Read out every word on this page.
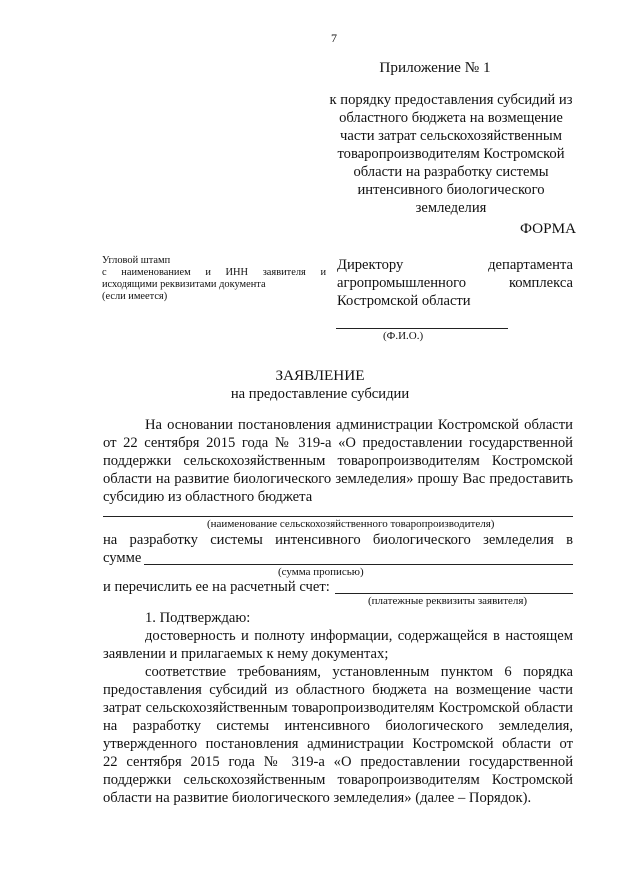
7
Приложение № 1
к порядку предоставления субсидий из
областного бюджета на возмещение
части затрат сельскохозяйственным
товаропроизводителям Костромской
области на разработку системы
интенсивного биологического
земледелия
ФОРМА
Угловой штамп
с наименованием и ИНН заявителя и
исходящими реквизитами документа
(если имеется)
Директору	департамента
агропромышленного	комплекса
Костромской области
(Ф.И.О.)
ЗАЯВЛЕНИЕ
на предоставление субсидии
На основании постановления администрации Костромской области
от 22 сентября 2015 года № 319-а «О предоставлении государственной
поддержки сельскохозяйственным товаропроизводителям Костромской
области на развитие биологического земледелия» прошу Вас предоставить
субсидию из областного бюджета
(наименование сельскохозяйственного товаропроизводителя)
на разработку системы интенсивного биологического земледелия в
сумме
(сумма прописью)
и перечислить ее на расчетный счет:
(платежные реквизиты заявителя)
1. Подтверждаю:
достоверность и полноту информации, содержащейся в настоящем
заявлении и прилагаемых к нему документах;
соответствие требованиям, установленным пунктом 6 порядка
предоставления субсидий из областного бюджета на возмещение части
затрат сельскохозяйственным товаропроизводителям Костромской области
на разработку системы интенсивного биологического земледелия,
утвержденного постановления администрации Костромской области от
22 сентября 2015 года № 319-а «О предоставлении государственной
поддержки сельскохозяйственным товаропроизводителям Костромской
области на развитие биологического земледелия» (далее – Порядок).
